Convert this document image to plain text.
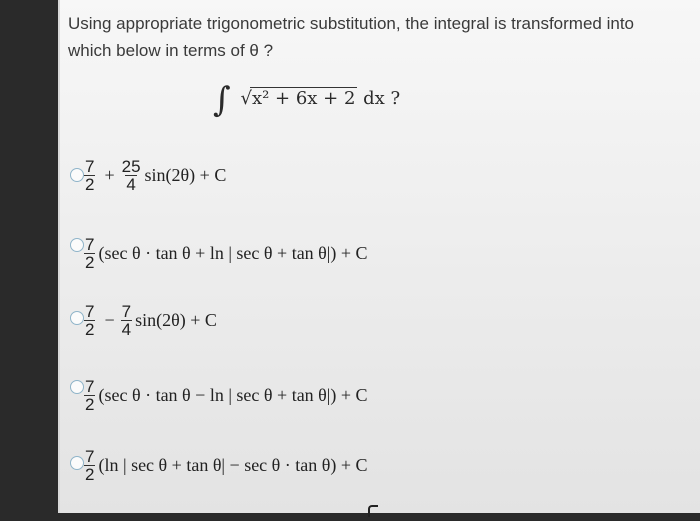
Using appropriate trigonometric substitution, the integral is transformed into which below in terms of θ ?
∫ √x² + 6x + 2 dx ?
$\frac{7}{2} + \frac{25}{4} \sin(2\theta) + C$
$\frac{7}{2} (\sec$ θ · tan θ + ln | sec θ + tan θ|) + C
$\frac{7}{2} - \frac{7}{4} \sin(2\theta) + C$
$\frac{7}{2} (\sec$ θ · tan θ − ln | sec θ + tan θ|) + C
$\frac{7}{2} (\ln$ | sec θ + tan θ| − sec θ · tan θ) + C
